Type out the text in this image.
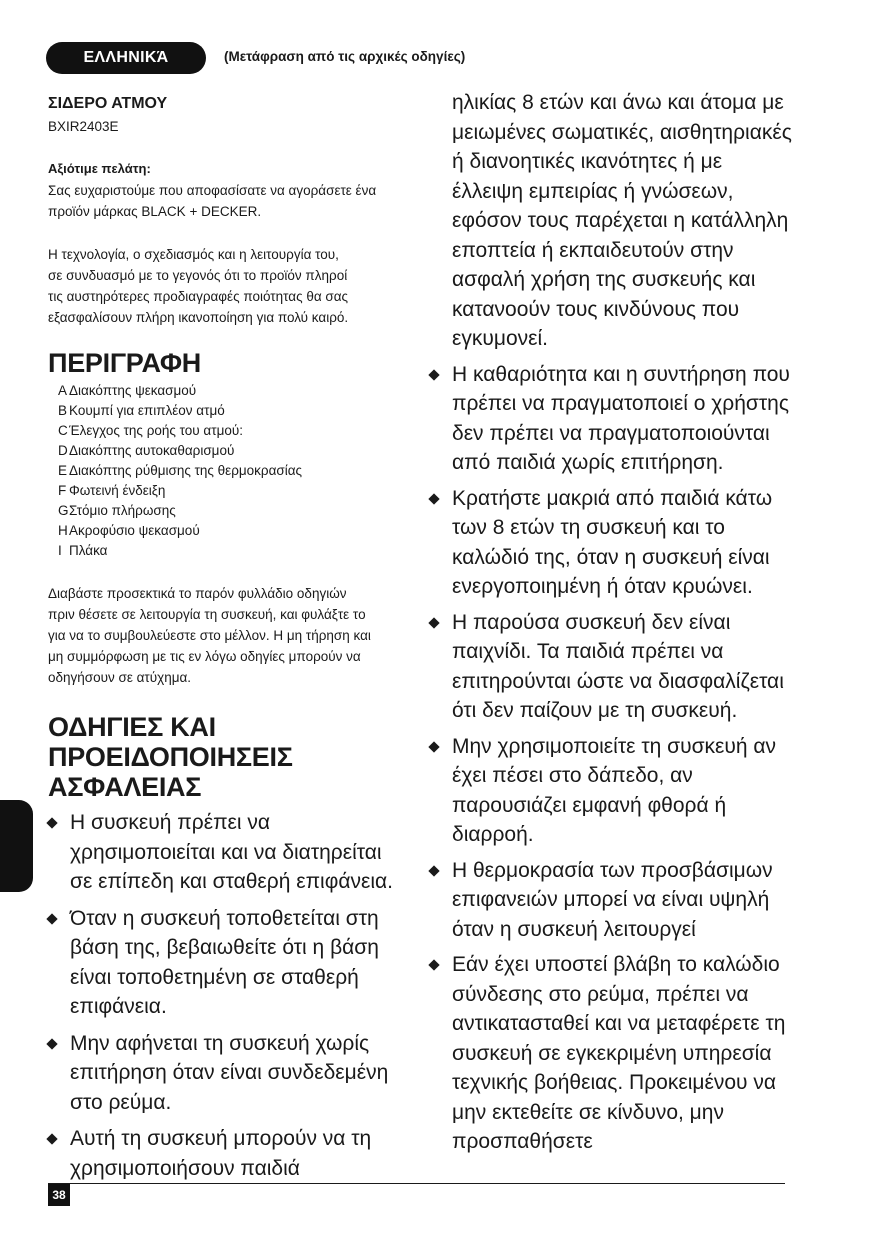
ΕΛΛΗΝΙΚΆ	(Μετάφραση από τις αρχικές οδηγίες)

ΣΙΔΕΡΟ ΑΤΜΟΥ

BXIR2403E

Αξιότιμε πελάτη:

Σας ευχαριστούμε που αποφασίσατε να αγοράσετε ένα

προϊόν μάρκας BLACK + DECKER.

Η τεχνολογία, ο σχεδιασμός και η λειτουργία του,

σε συνδυασμό με το γεγονός ότι το προϊόν πληροί

τις αυστηρότερες προδιαγραφές ποιότητας θα σας

εξασφαλίσουν πλήρη ικανοποίηση για πολύ καιρό.

ΠΕΡΙΓΡΑΦΗ
A Διακόπτης ψεκασμού
B Κουμπί για επιπλέον ατμό
C Έλεγχος της ροής του ατμού:
D Διακόπτης αυτοκαθαρισμού
E Διακόπτης ρύθμισης της θερμοκρασίας
F Φωτεινή ένδειξη
G Στόμιο πλήρωσης
H Ακροφύσιο ψεκασμού
I Πλάκα

Διαβάστε προσεκτικά το παρόν φυλλάδιο οδηγιών

πριν θέσετε σε λειτουργία τη συσκευή, και φυλάξτε το

για να το συμβουλεύεστε στο μέλλον. Η μη τήρηση και

μη συμμόρφωση με τις εν λόγω οδηγίες μπορούν να

οδηγήσουν σε ατύχημα.

ΟΔΗΓΙΕΣ ΚΑΙ
ΠΡΟΕΙΔΟΠΟΙΗΣΕΙΣ
ΑΣΦΑΛΕΙΑΣ
Η συσκευή πρέπει να χρησιμοποιείται και να διατηρείται σε επίπεδη και σταθερή επιφάνεια.
Όταν η συσκευή τοποθετείται στη βάση της, βεβαιωθείτε ότι η βάση είναι τοποθετημένη σε σταθερή επιφάνεια.
Μην αφήνεται τη συσκευή χωρίς επιτήρηση όταν είναι συνδεδεμένη στο ρεύμα.
Αυτή τη συσκευή μπορούν να τη χρησιμοποιήσουν παιδιά

ηλικίας 8 ετών και άνω και άτομα με μειωμένες σωματικές, αισθητηριακές ή διανοητικές ικανότητες ή με έλλειψη εμπειρίας ή γνώσεων, εφόσον τους παρέχεται η κατάλληλη εποπτεία ή εκπαιδευτούν στην ασφαλή χρήση της συσκευής και κατανοούν τους κινδύνους που εγκυμονεί.

Η καθαριότητα και η συντήρηση που πρέπει να πραγματοποιεί ο χρήστης δεν πρέπει να πραγματοποιούνται από παιδιά χωρίς επιτήρηση.
Κρατήστε μακριά από παιδιά κάτω των 8 ετών τη συσκευή και το καλώδιό της, όταν η συσκευή είναι ενεργοποιημένη ή όταν κρυώνει.
Η παρούσα συσκευή δεν είναι παιχνίδι. Τα παιδιά πρέπει να επιτηρούνται ώστε να διασφαλίζεται ότι δεν παίζουν με τη συσκευή.
Μην χρησιμοποιείτε τη συσκευή αν έχει πέσει στο δάπεδο, αν παρουσιάζει εμφανή φθορά ή διαρροή.
Η θερμοκρασία των προσβάσιμων επιφανειών μπορεί να είναι υψηλή όταν η συσκευή λειτουργεί
Εάν έχει υποστεί βλάβη το καλώδιο σύνδεσης στο ρεύμα, πρέπει να αντικατασταθεί και να μεταφέρετε τη συσκευή σε εγκεκριμένη υπηρεσία τεχνικής βοήθειας. Προκειμένου να μην εκτεθείτε σε κίνδυνο, μην προσπαθήσετε
38
